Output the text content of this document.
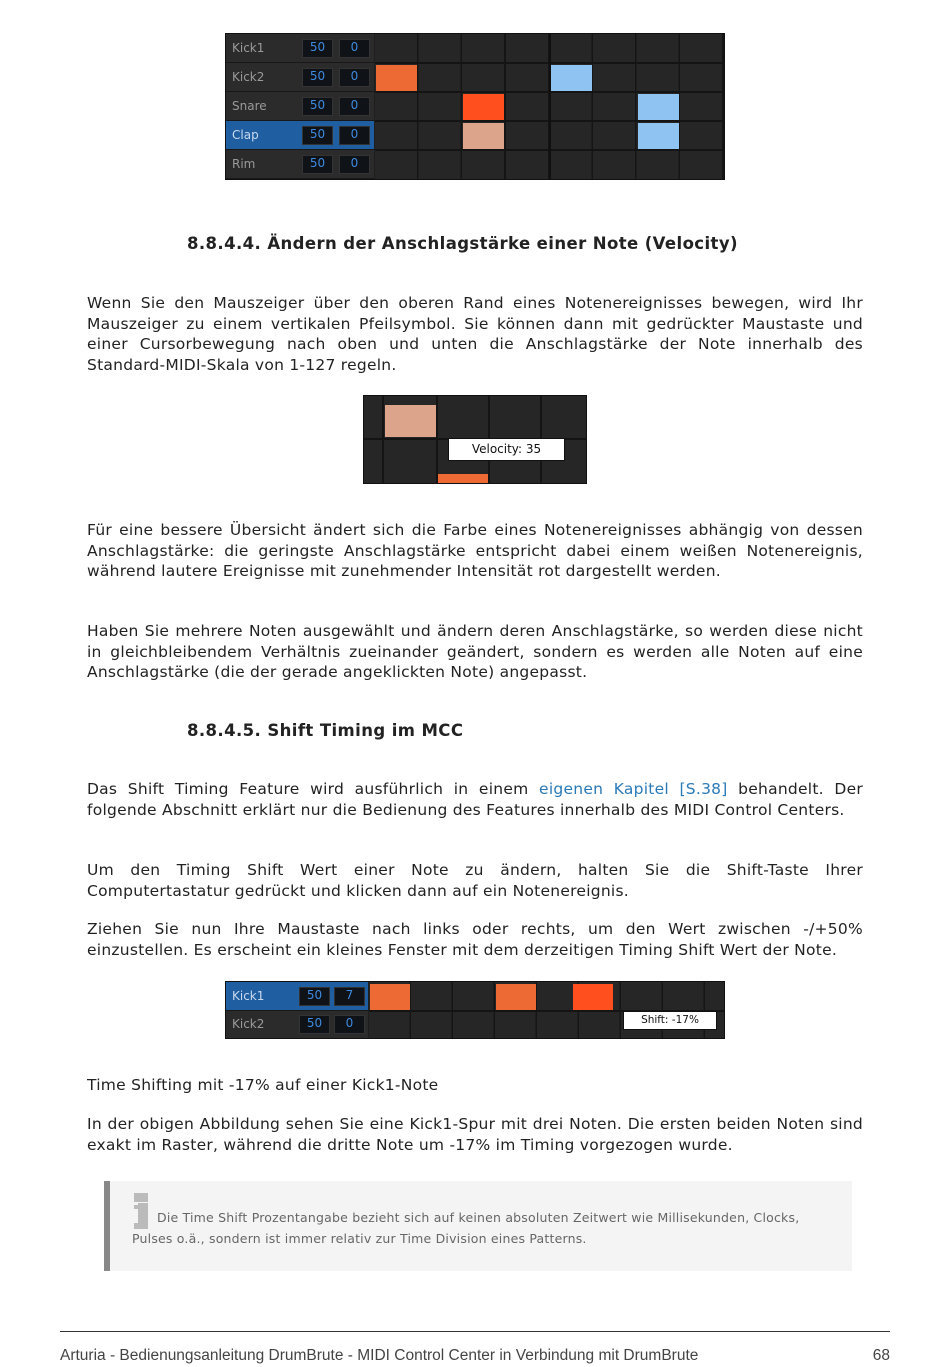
Kick1	50	0
Kick2	50	0
Snare	50	0
Clap	50	0
Rim	50	0
8.8.4.4. Ändern der Anschlagstärke einer Note (Velocity)

Wenn Sie den Mauszeiger über den oberen Rand eines Notenereignisses bewegen, wird Ihr Mauszeiger zu einem vertikalen Pfeilsymbol. Sie können dann mit gedrückter Maustaste und einer Cursorbewegung nach oben und unten die Anschlagstärke der Note innerhalb des Standard-MIDI-Skala von 1-127 regeln.

Velocity: 35

Für eine bessere Übersicht ändert sich die Farbe eines Notenereignisses abhängig von dessen Anschlagstärke: die geringste Anschlagstärke entspricht dabei einem weißen Notenereignis, während lautere Ereignisse mit zunehmender Intensität rot dargestellt werden.

Haben Sie mehrere Noten ausgewählt und ändern deren Anschlagstärke, so werden diese nicht in gleichbleibendem Verhältnis zueinander geändert, sondern es werden alle Noten auf eine Anschlagstärke (die der gerade angeklickten Note) angepasst.

8.8.4.5. Shift Timing im MCC

Das Shift Timing Feature wird ausführlich in einem eigenen Kapitel [S.38] behandelt. Der folgende Abschnitt erklärt nur die Bedienung des Features innerhalb des MIDI Control Centers.

Um den Timing Shift Wert einer Note zu ändern, halten Sie die Shift-Taste Ihrer Computertastatur gedrückt und klicken dann auf ein Notenereignis.

Ziehen Sie nun Ihre Maustaste nach links oder rechts, um den Wert zwischen -/+50% einzustellen. Es erscheint ein kleines Fenster mit dem derzeitigen Timing Shift Wert der Note.

Kick1	50	7
Kick2	50	0	Shift: -17%

Time Shifting mit -17% auf einer Kick1-Note

In der obigen Abbildung sehen Sie eine Kick1-Spur mit drei Noten. Die ersten beiden Noten sind exakt im Raster, während die dritte Note um -17% im Timing vorgezogen wurde.

Die Time Shift Prozentangabe bezieht sich auf keinen absoluten Zeitwert wie Millisekunden, Clocks, Pulses o.ä., sondern ist immer relativ zur Time Division eines Patterns.

Arturia - Bedienungsanleitung DrumBrute - MIDI Control Center in Verbindung mit DrumBrute	68
